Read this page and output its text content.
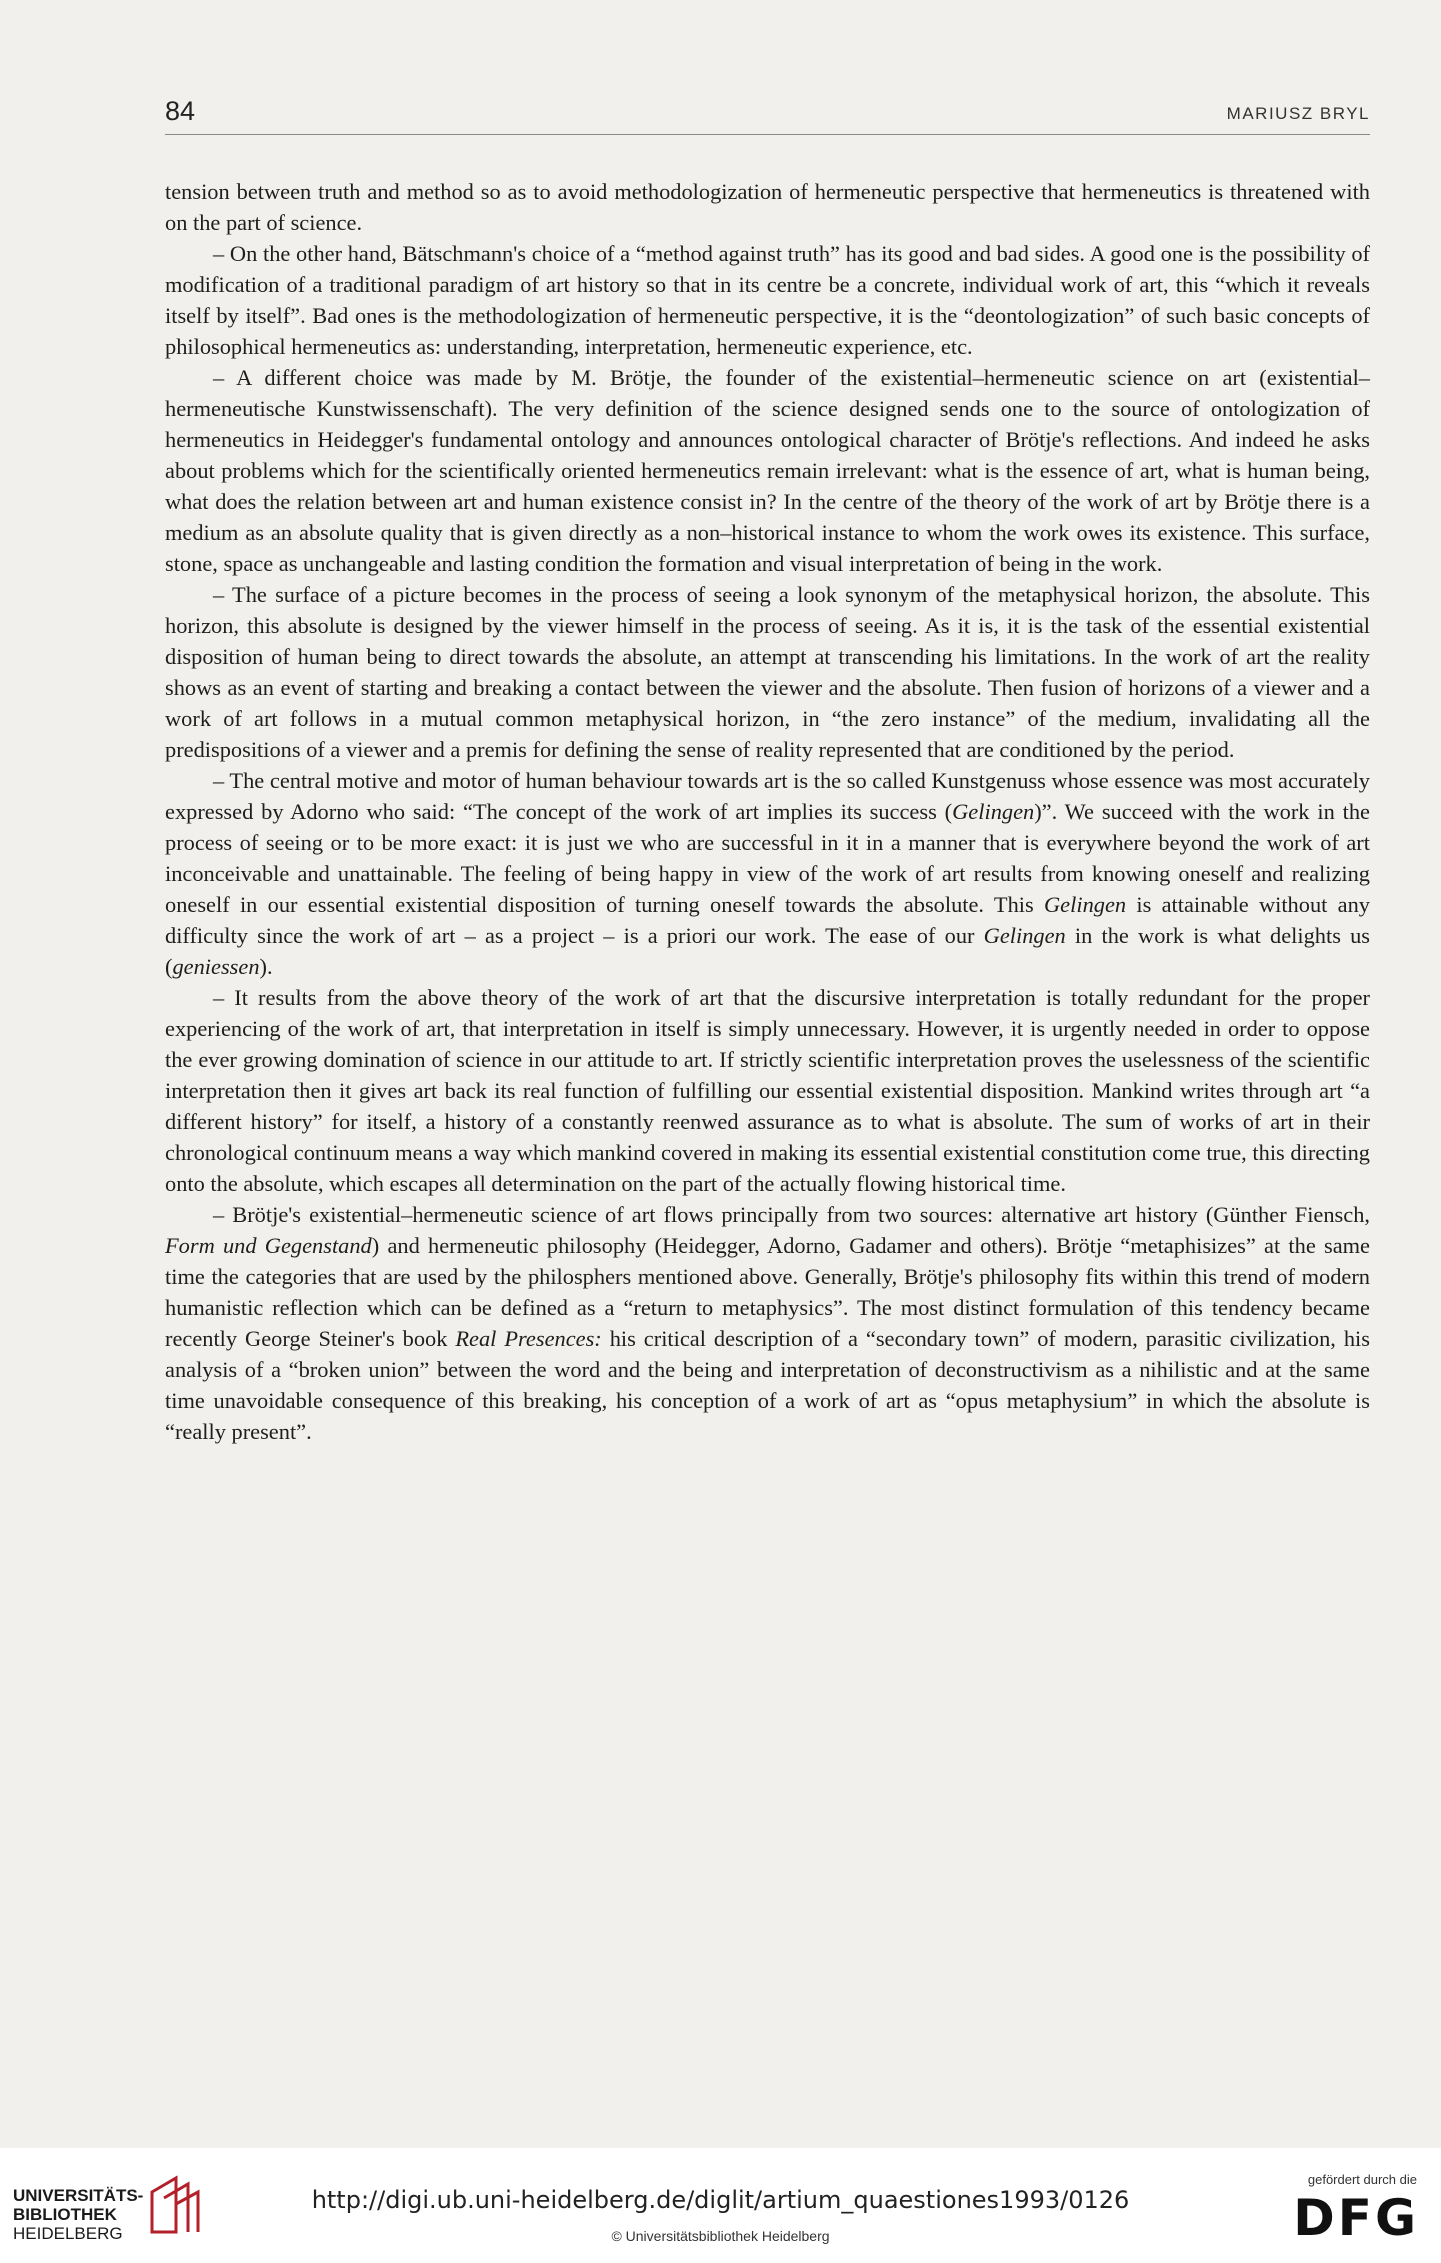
84	MARIUSZ BRYL

tension between truth and method so as to avoid methodologization of hermeneutic perspective that hermeneutics is threatened with on the part of science.

– On the other hand, Bätschmann's choice of a “method against truth” has its good and bad sides. A good one is the possibility of modification of a traditional paradigm of art history so that in its centre be a concrete, individual work of art, this “which it reveals itself by itself”. Bad ones is the methodologization of hermeneutic perspective, it is the “deontologization” of such basic concepts of philosophical hermeneutics as: understanding, interpretation, hermeneutic experience, etc.

– A different choice was made by M. Brötje, the founder of the existential–hermeneutic science on art (existential–hermeneutische Kunstwissenschaft). The very definition of the science designed sends one to the source of ontologization of hermeneutics in Heidegger's fundamental ontology and announces ontological character of Brötje's reflections. And indeed he asks about problems which for the scientifically oriented hermeneutics remain irrelevant: what is the essence of art, what is human being, what does the relation between art and human existence consist in? In the centre of the theory of the work of art by Brötje there is a medium as an absolute quality that is given directly as a non–historical instance to whom the work owes its existence. This surface, stone, space as unchangeable and lasting condition the formation and visual interpretation of being in the work.

– The surface of a picture becomes in the process of seeing a look synonym of the metaphysical horizon, the absolute. This horizon, this absolute is designed by the viewer himself in the process of seeing. As it is, it is the task of the essential existential disposition of human being to direct towards the absolute, an attempt at transcending his limitations. In the work of art the reality shows as an event of starting and breaking a contact between the viewer and the absolute. Then fusion of horizons of a viewer and a work of art follows in a mutual common metaphysical horizon, in “the zero instance” of the medium, invalidating all the predispositions of a viewer and a premis for defining the sense of reality represented that are conditioned by the period.

– The central motive and motor of human behaviour towards art is the so called Kunstgenuss whose essence was most accurately expressed by Adorno who said: “The concept of the work of art implies its success (Gelingen)”. We succeed with the work in the process of seeing or to be more exact: it is just we who are successful in it in a manner that is everywhere beyond the work of art inconceivable and unattainable. The feeling of being happy in view of the work of art results from knowing oneself and realizing oneself in our essential existential disposition of turning oneself towards the absolute. This Gelingen is attainable without any difficulty since the work of art – as a project – is a priori our work. The ease of our Gelingen in the work is what delights us (geniessen).

– It results from the above theory of the work of art that the discursive interpretation is totally redundant for the proper experiencing of the work of art, that interpretation in itself is simply unnecessary. However, it is urgently needed in order to oppose the ever growing domination of science in our attitude to art. If strictly scientific interpretation proves the uselessness of the scientific interpretation then it gives art back its real function of fulfilling our essential existential disposition. Mankind writes through art “a different history” for itself, a history of a constantly reenwed assurance as to what is absolute. The sum of works of art in their chronological continuum means a way which mankind covered in making its essential existential constitution come true, this directing onto the absolute, which escapes all determination on the part of the actually flowing historical time.

– Brötje's existential–hermeneutic science of art flows principally from two sources: alternative art history (Günther Fiensch, Form und Gegenstand) and hermeneutic philosophy (Heidegger, Adorno, Gadamer and others). Brötje “metaphisizes” at the same time the categories that are used by the philosphers mentioned above. Generally, Brötje's philosophy fits within this trend of modern humanistic reflection which can be defined as a “return to metaphysics”. The most distinct formulation of this tendency became recently George Steiner's book Real Presences: his critical description of a “secondary town” of modern, parasitic civilization, his analysis of a “broken union” between the word and the being and interpretation of deconstructivism as a nihilistic and at the same time unavoidable consequence of this breaking, his conception of a work of art as “opus metaphysium” in which the absolute is “really present”.

UNIVERSITÄTS-
BIBLIOTHEK
HEIDELBERG
http://digi.ub.uni-heidelberg.de/diglit/artium_quaestiones1993/0126
© Universitätsbibliothek Heidelberg
gefördert durch die
DFG
